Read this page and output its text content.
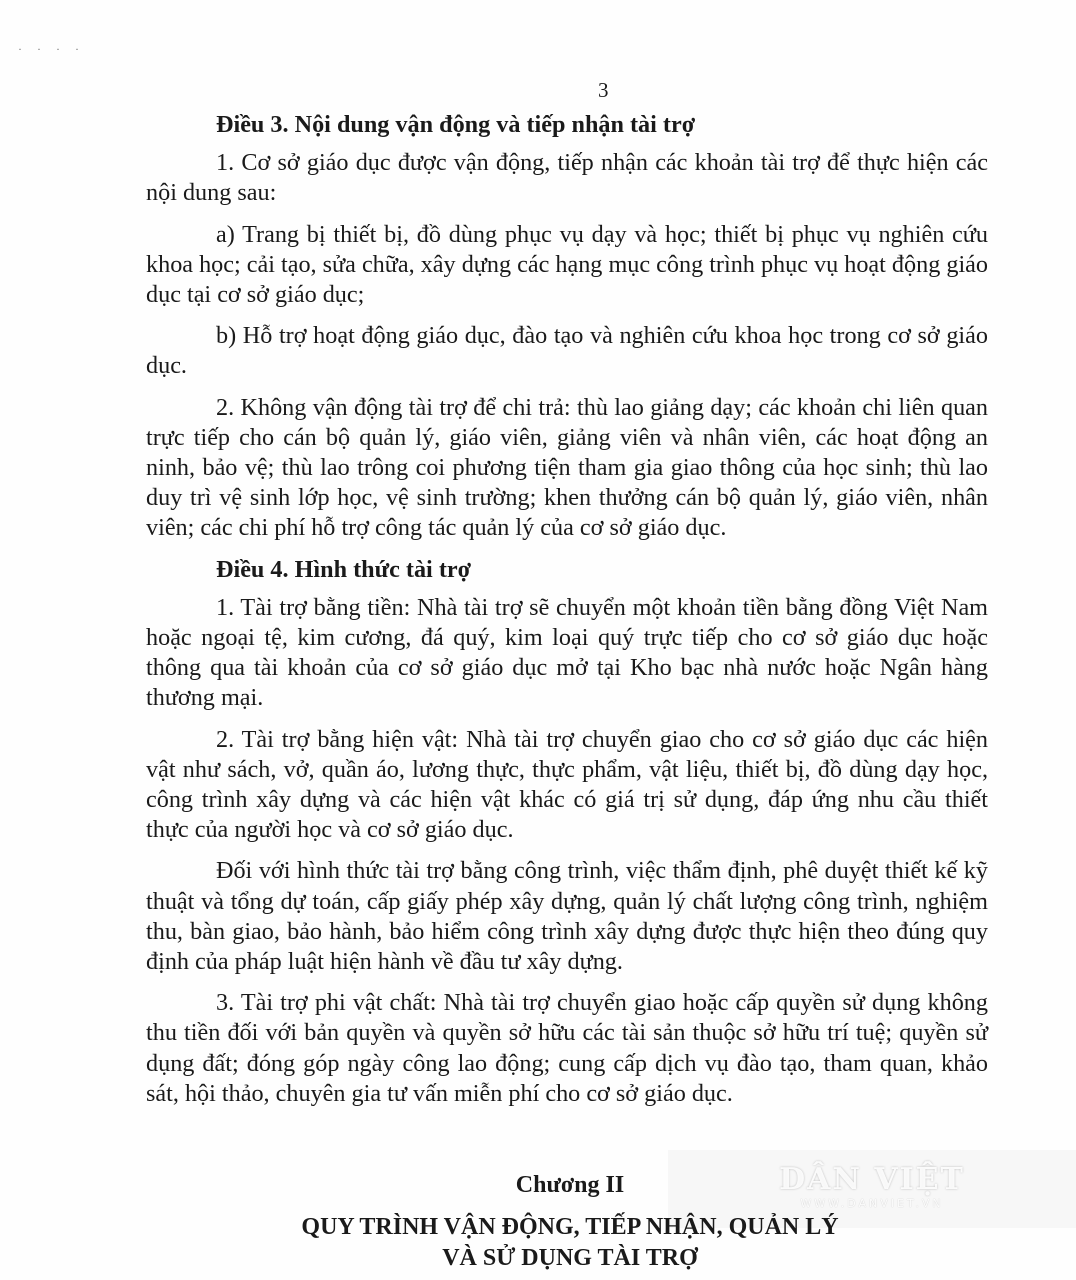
· · · ·
3
Điều 3. Nội dung vận động và tiếp nhận tài trợ

1. Cơ sở giáo dục được vận động, tiếp nhận các khoản tài trợ để thực hiện các nội dung sau:

a) Trang bị thiết bị, đồ dùng phục vụ dạy và học; thiết bị phục vụ nghiên cứu khoa học; cải tạo, sửa chữa, xây dựng các hạng mục công trình phục vụ hoạt động giáo dục tại cơ sở giáo dục;

b) Hỗ trợ hoạt động giáo dục, đào tạo và nghiên cứu khoa học trong cơ sở giáo dục.

2. Không vận động tài trợ để chi trả: thù lao giảng dạy; các khoản chi liên quan trực tiếp cho cán bộ quản lý, giáo viên, giảng viên và nhân viên, các hoạt động an ninh, bảo vệ; thù lao trông coi phương tiện tham gia giao thông của học sinh; thù lao duy trì vệ sinh lớp học, vệ sinh trường; khen thưởng cán bộ quản lý, giáo viên, nhân viên; các chi phí hỗ trợ công tác quản lý của cơ sở giáo dục.

Điều 4. Hình thức tài trợ

1. Tài trợ bằng tiền: Nhà tài trợ sẽ chuyển một khoản tiền bằng đồng Việt Nam hoặc ngoại tệ, kim cương, đá quý, kim loại quý trực tiếp cho cơ sở giáo dục hoặc thông qua tài khoản của cơ sở giáo dục mở tại Kho bạc nhà nước hoặc Ngân hàng thương mại.

2. Tài trợ bằng hiện vật: Nhà tài trợ chuyển giao cho cơ sở giáo dục các hiện vật như sách, vở, quần áo, lương thực, thực phẩm, vật liệu, thiết bị, đồ dùng dạy học, công trình xây dựng và các hiện vật khác có giá trị sử dụng, đáp ứng nhu cầu thiết thực của người học và cơ sở giáo dục.

Đối với hình thức tài trợ bằng công trình, việc thẩm định, phê duyệt thiết kế kỹ thuật và tổng dự toán, cấp giấy phép xây dựng, quản lý chất lượng công trình, nghiệm thu, bàn giao, bảo hành, bảo hiểm công trình xây dựng được thực hiện theo đúng quy định của pháp luật hiện hành về đầu tư xây dựng.

3. Tài trợ phi vật chất: Nhà tài trợ chuyển giao hoặc cấp quyền sử dụng không thu tiền đối với bản quyền và quyền sở hữu các tài sản thuộc sở hữu trí tuệ; quyền sử dụng đất; đóng góp ngày công lao động; cung cấp dịch vụ đào tạo, tham quan, khảo sát, hội thảo, chuyên gia tư vấn miễn phí cho cơ sở giáo dục.

DÂN VIỆT
WWW.DANVIET.VN
Chương II
QUY TRÌNH VẬN ĐỘNG, TIẾP NHẬN, QUẢN LÝ
VÀ SỬ DỤNG TÀI TRỢ
